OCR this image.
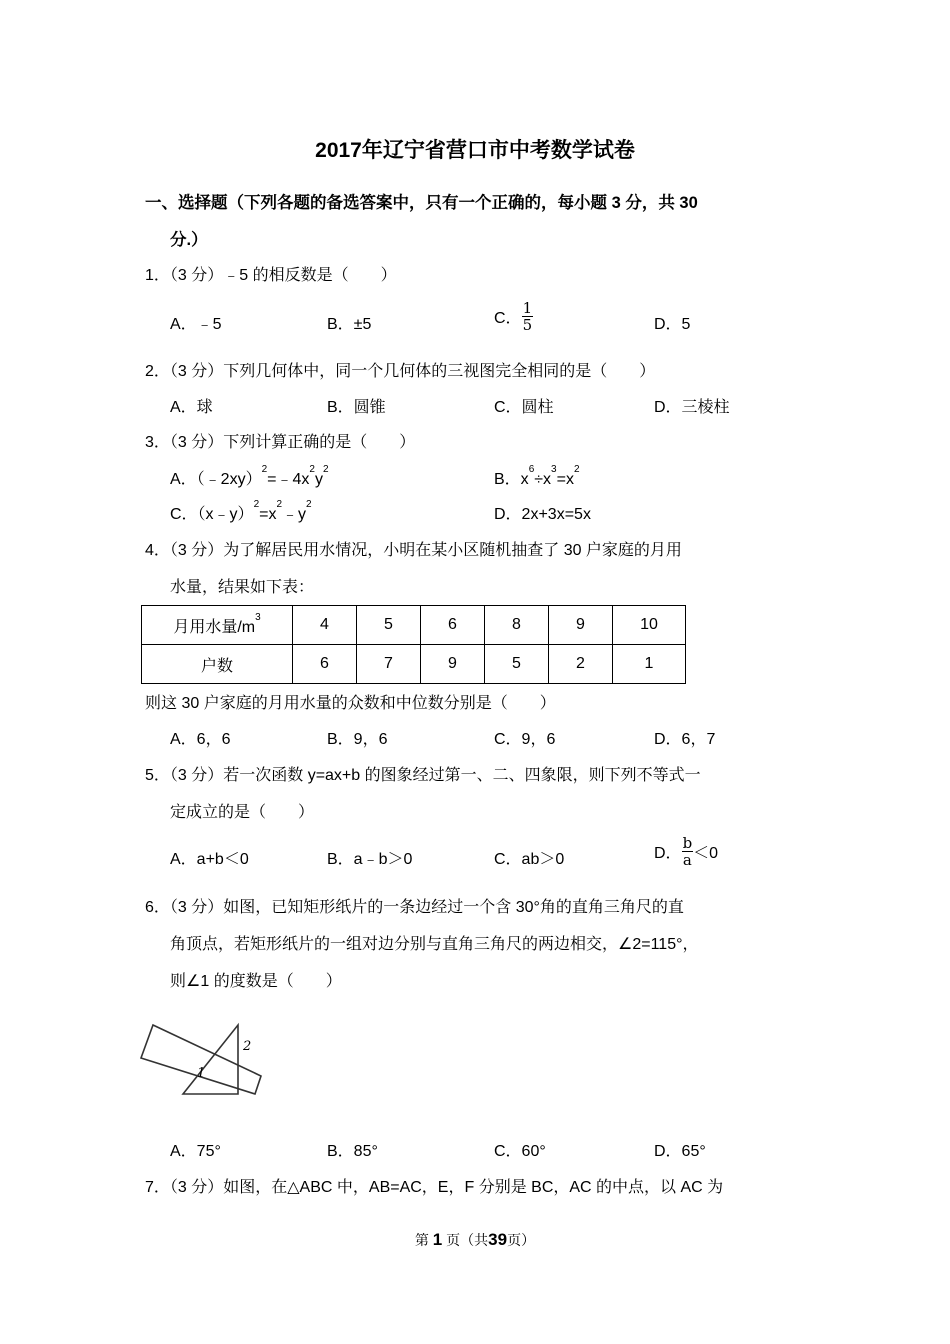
2017年辽宁省营口市中考数学试卷
一、选择题（下列各题的备选答案中，只有一个正确的，每小题 3 分，共 30
分.）
1．（3 分）﹣5 的相反数是（　　）
A．﹣5	B．±5	C． $\frac{1}{5}$	D．5
2．（3 分）下列几何体中，同一个几何体的三视图完全相同的是（　　）
A．球	B．圆锥	C．圆柱	D．三棱柱
3．（3 分）下列计算正确的是（　　）
A．$(﹣2xy)^2=﹣4x^2y^2$
B．$x^6\div x^3=x^2$
C．$(x﹣y)^2=x^2﹣y^2$
D．2x+3x=5x
4．（3 分）为了解居民用水情况，小明在某小区随机抽查了 30 户家庭的月用
水量，结果如下表：
月用水量$/m^3$	4	5	6	8	9	10
户数	6	7	9	5	2	1
则这 30 户家庭的月用水量的众数和中位数分别是（　　）
A．6，6	B．9，6	C．9，6	D．6，7
5．（3 分）若一次函数 y=ax+b 的图象经过第一、二、四象限，则下列不等式一
定成立的是（　　）
A．a+b＜0	B．a﹣b＞0	C．ab＞0	D． $\frac{b}{a} <0$
6．（3 分）如图，已知矩形纸片的一条边经过一个含 30°角的直角三角尺的直
角顶点，若矩形纸片的一组对边分别与直角三角尺的两边相交，∠2=115°，
则∠1 的度数是（　　）
1
2
A．75°	B．85°	C．60°	D．65°
7．（3 分）如图，在△ABC 中，AB=AC，E，F 分别是 BC，AC 的中点，以 AC 为
第 1 页（共39页）
